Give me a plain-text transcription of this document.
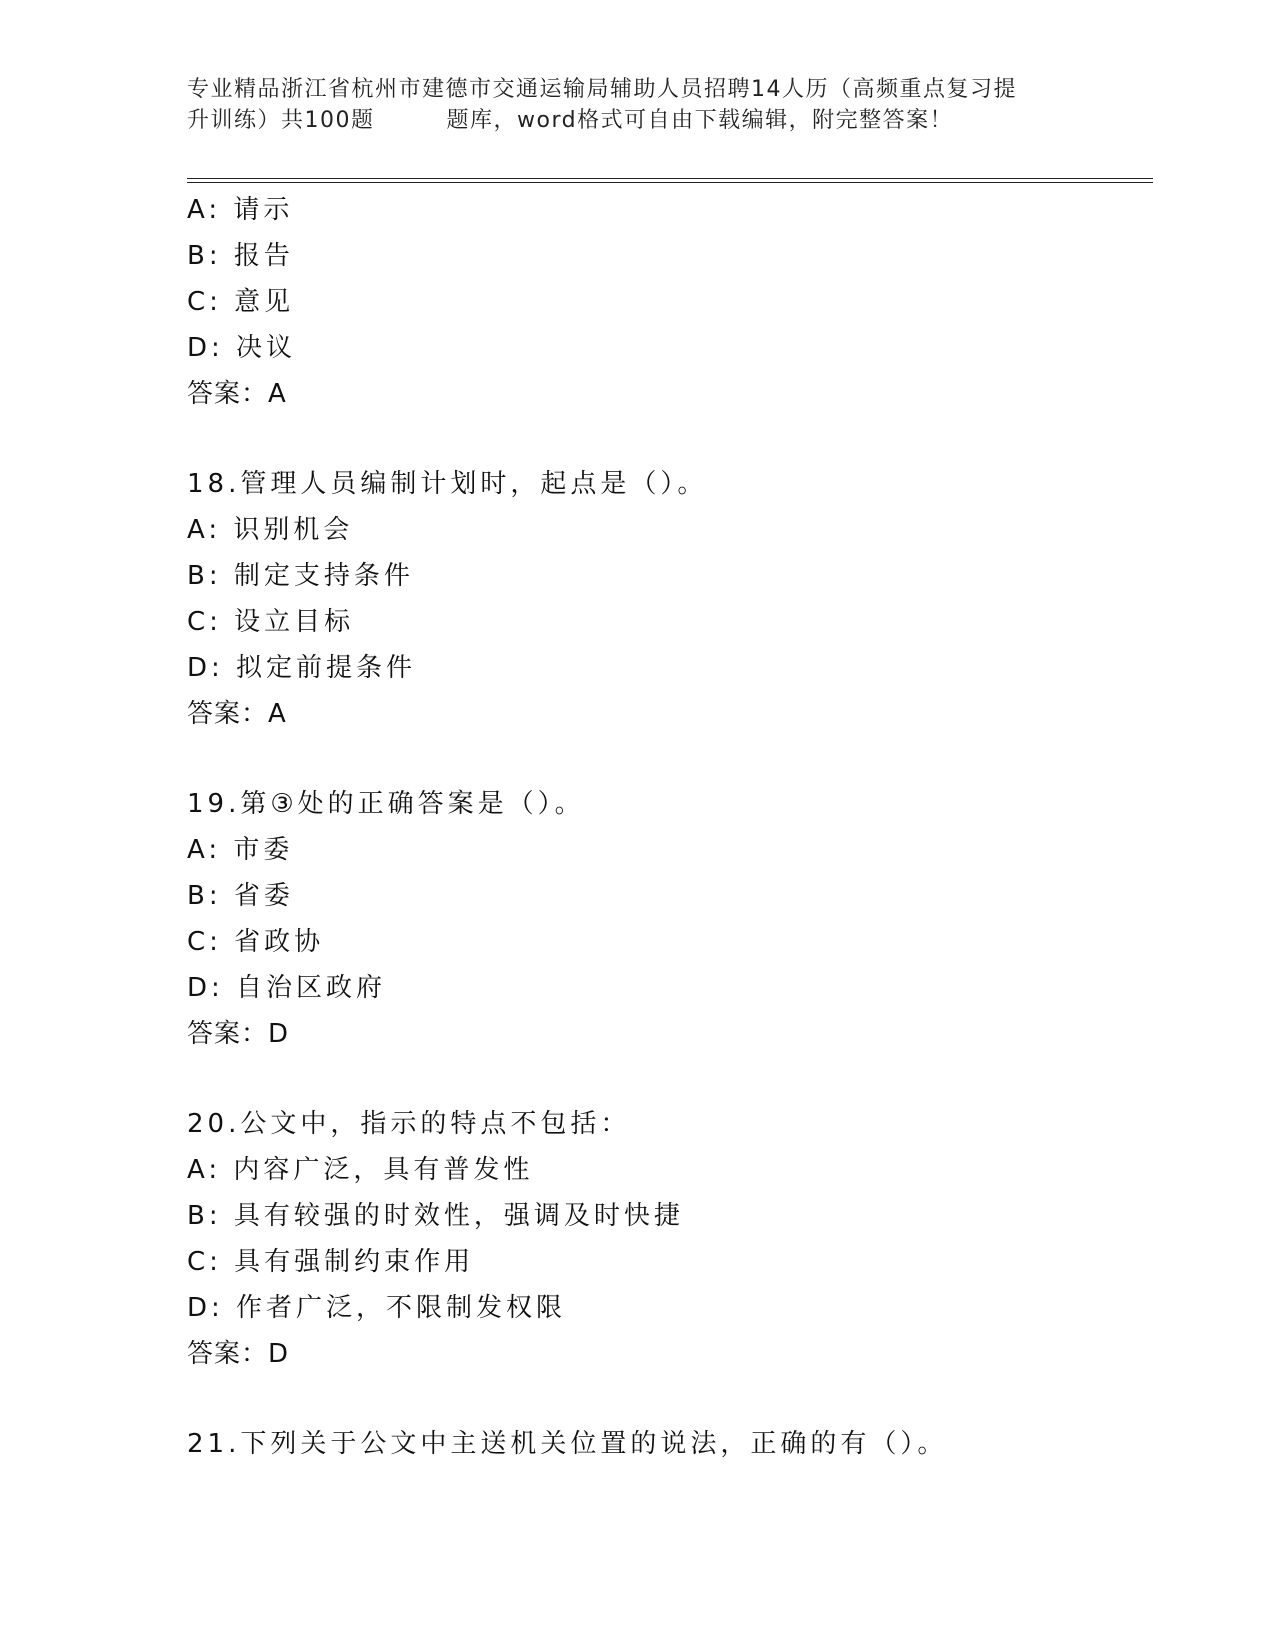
专业精品浙江省杭州市建德市交通运输局辅助人员招聘14人历（高频重点复习提
升训练）共100题	题库，word格式可自由下载编辑，附完整答案！
A: 请示
B: 报告
C: 意见
D: 决议
答案：A
18.管理人员编制计划时，起点是（）。
A: 识别机会
B: 制定支持条件
C: 设立目标
D: 拟定前提条件
答案：A
19.第③处的正确答案是（）。
A: 市委
B: 省委
C: 省政协
D: 自治区政府
答案：D
20.公文中，指示的特点不包括：
A: 内容广泛，具有普发性
B: 具有较强的时效性，强调及时快捷
C: 具有强制约束作用
D: 作者广泛，不限制发权限
答案：D
21.下列关于公文中主送机关位置的说法，正确的有（）。
